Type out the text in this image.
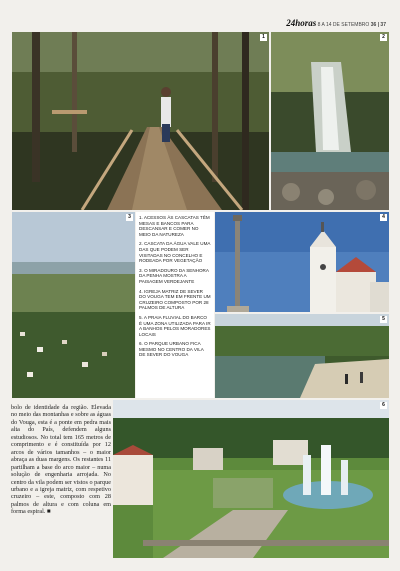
24horas 8 A 14 DE SETEMBRO 36 | 37
1	2
3	4
5
6

1. ACESSOS ÀS CASCATAS TÊM MESAS E BANCOS PARA DESCANSAR E COMER NO MEIO DA NATUREZA

2. CASCATA DA ÁGUA VALE UMA DAS QUE PODEM SER VISITADAS NO CONCELHO E RODEADA POR VEGETAÇÃO

3. O MIRADOURO DA SENHORA DA PENHA MOSTRA A PAISAGEM VERDEJANTE

4. IGREJA MATRIZ DE SEVER DO VOUGA TEM EM FRENTE UM CRUZEIRO COMPOSTO POR 28 PALMOS DE ALTURA

5. A PRAIA FLUVIAL DO BARCO É UMA ZONA UTILIZADA PARA IR A BANHOS PELOS MORADORES LOCAIS

6. O PARQUE URBANO FICA MESMO NO CENTRO DA VILA DE SEVER DO VOUGA

bolo de identidade da região. Elevada no meio das montanhas e sobre as águas do Vouga, esta é a ponte em pedra mais alta do País, defendem alguns estudiosos. No total tem 165 metros de comprimento e é constituída por 12 arcos de vários tamanhos – o maior abraça as duas margens. Os restantes 11 partilham a base do arco maior – numa solução de engenharia arrojada. No centro da vila podem ser vistos o parque urbano e a igreja matriz, com respetivo cruzeiro – este, composto com 28 palmos de altura e com coluna em forma espiral. ■
